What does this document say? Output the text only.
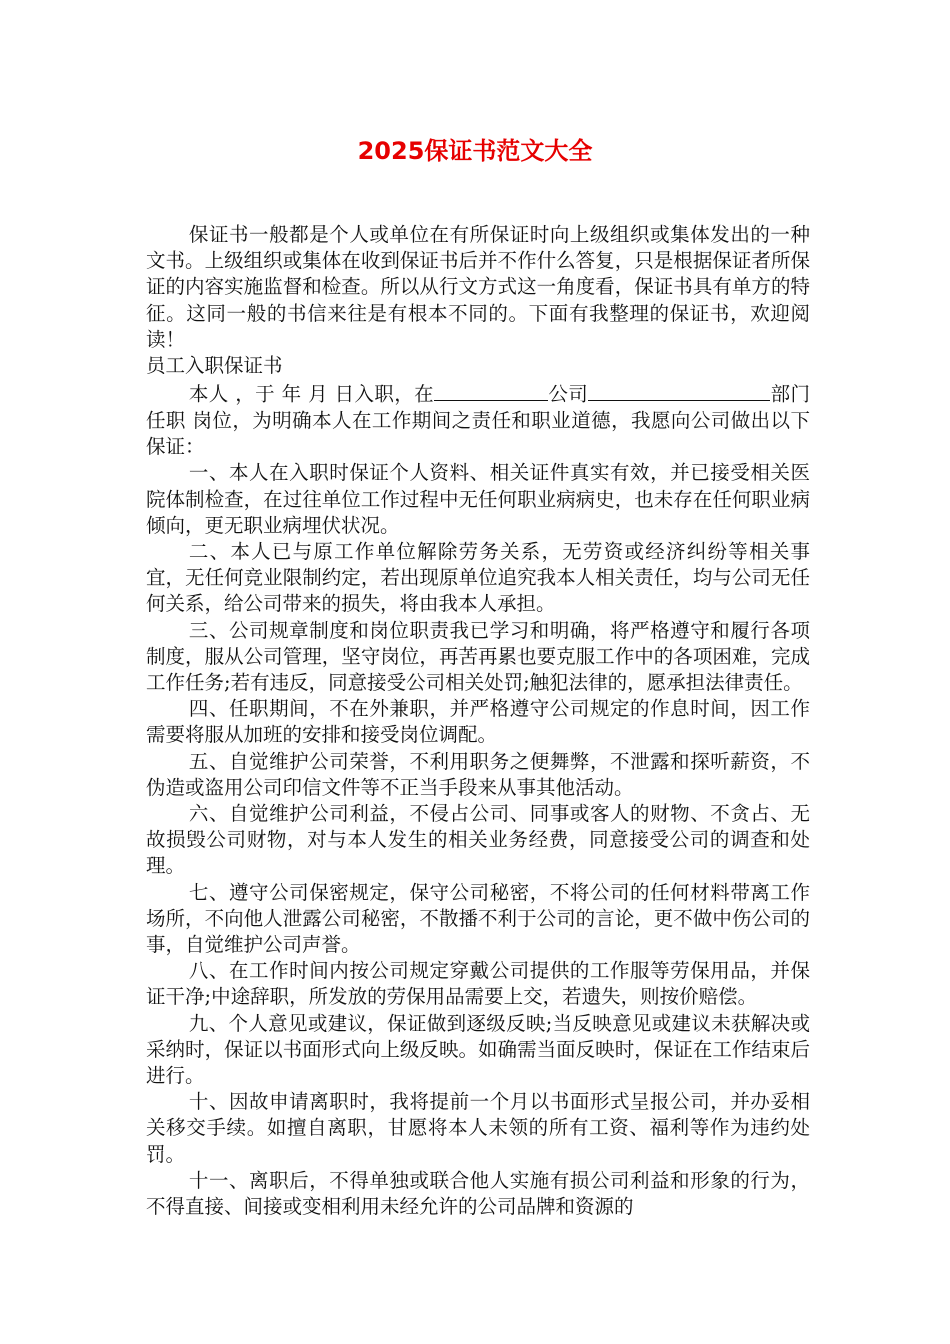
2025保证书范文大全

保证书一般都是个人或单位在有所保证时向上级组织或集体发出的一种文书。上级组织或集体在收到保证书后并不作什么答复，只是根据保证者所保证的内容实施监督和检查。所以从行文方式这一角度看，保证书具有单方的特征。这同一般的书信来往是有根本不同的。下面有我整理的保证书，欢迎阅读！

员工入职保证书

本人 ，于 年 月 日入职，在	公司	部门任职 岗位，为明确本人在工作期间之责任和职业道德，我愿向公司做出以下保证：

一、本人在入职时保证个人资料、相关证件真实有效，并已接受相关医院体制检查，在过往单位工作过程中无任何职业病病史，也未存在任何职业病倾向，更无职业病埋伏状况。

二、本人已与原工作单位解除劳务关系，无劳资或经济纠纷等相关事宜，无任何竞业限制约定，若出现原单位追究我本人相关责任，均与公司无任何关系，给公司带来的损失，将由我本人承担。

三、公司规章制度和岗位职责我已学习和明确，将严格遵守和履行各项制度，服从公司管理，坚守岗位，再苦再累也要克服工作中的各项困难，完成工作任务;若有违反，同意接受公司相关处罚;触犯法律的，愿承担法律责任。

四、任职期间，不在外兼职，并严格遵守公司规定的作息时间，因工作需要将服从加班的安排和接受岗位调配。

五、自觉维护公司荣誉，不利用职务之便舞弊，不泄露和探听薪资，不伪造或盗用公司印信文件等不正当手段来从事其他活动。

六、自觉维护公司利益，不侵占公司、同事或客人的财物、不贪占、无故损毁公司财物，对与本人发生的相关业务经费，同意接受公司的调查和处理。

七、遵守公司保密规定，保守公司秘密，不将公司的任何材料带离工作场所，不向他人泄露公司秘密，不散播不利于公司的言论，更不做中伤公司的事，自觉维护公司声誉。

八、在工作时间内按公司规定穿戴公司提供的工作服等劳保用品，并保证干净;中途辞职，所发放的劳保用品需要上交，若遗失，则按价赔偿。

九、个人意见或建议，保证做到逐级反映;当反映意见或建议未获解决或采纳时，保证以书面形式向上级反映。如确需当面反映时，保证在工作结束后进行。

十、因故申请离职时，我将提前一个月以书面形式呈报公司，并办妥相关移交手续。如擅自离职，甘愿将本人未领的所有工资、福利等作为违约处罚。

十一、离职后，不得单独或联合他人实施有损公司利益和形象的行为，不得直接、间接或变相利用未经允许的公司品牌和资源的
